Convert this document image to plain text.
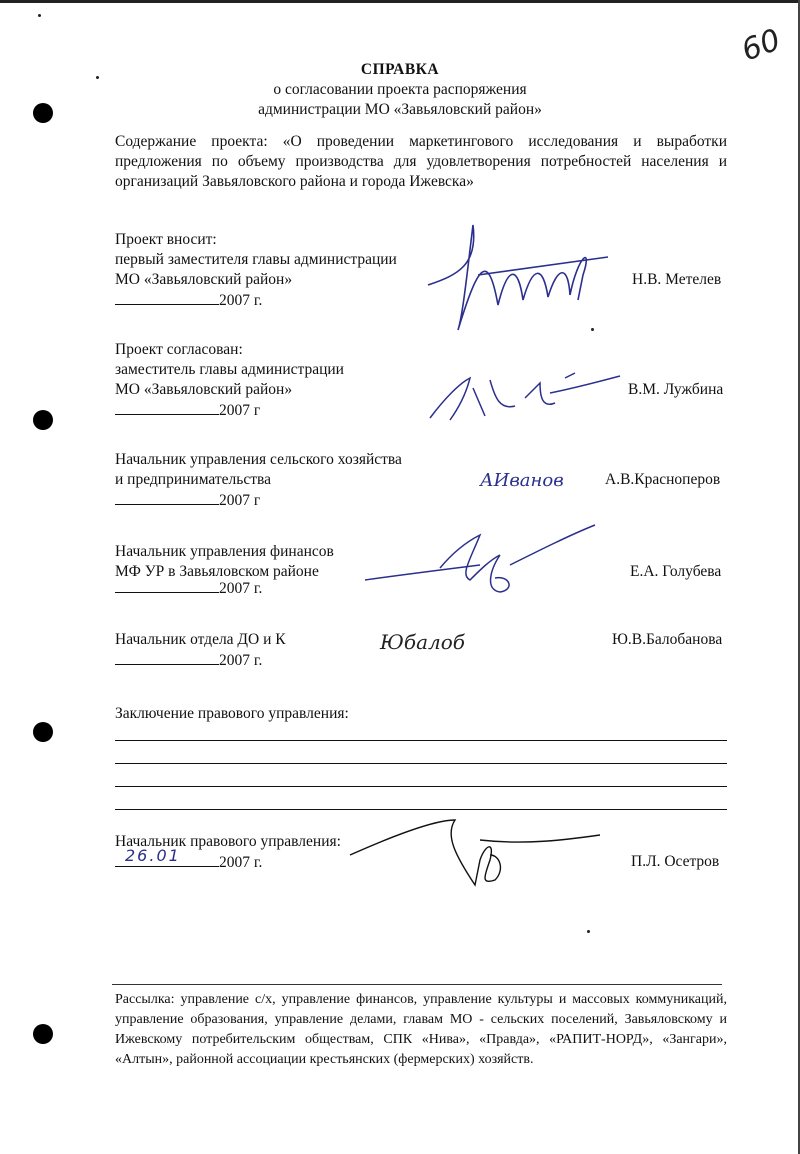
60
СПРАВКА
о согласовании проекта распоряжения
администрации МО «Завьяловский район»
Содержание проекта: «О проведении маркетингового исследования и выработки предложения по объему производства для удовлетворения потребностей населения и организаций Завьяловского района и города Ижевска»
Проект вносит:
первый заместителя главы администрации
МО «Завьяловский район»
2007 г.
Н.В. Метелев
Проект согласован:
заместитель главы администрации
МО «Завьяловский район»
2007 г
В.М. Лужбина
Начальник управления сельского хозяйства
и предпринимательства
2007 г
А.В.Красноперов
АИванов
Начальник управления финансов
МФ УР в Завьяловском районе
2007 г.
Е.А. Голубева
Начальник отдела ДО и К
2007 г.
Ю.В.Балобанова
Юбалоб
Заключение правового управления:
Начальник правового управления:
26.01 2007 г.	П.Л. Осетров
Рассылка: управление с/х, управление финансов, управление культуры и массовых коммуникаций, управление образования, управление делами, главам МО - сельских поселений, Завьяловскому и Ижевскому потребительским обществам, СПК «Нива», «Правда», «РАПИТ-НОРД», «Зангари», «Алтын», районной ассоциации крестьянских (фермерских) хозяйств.
